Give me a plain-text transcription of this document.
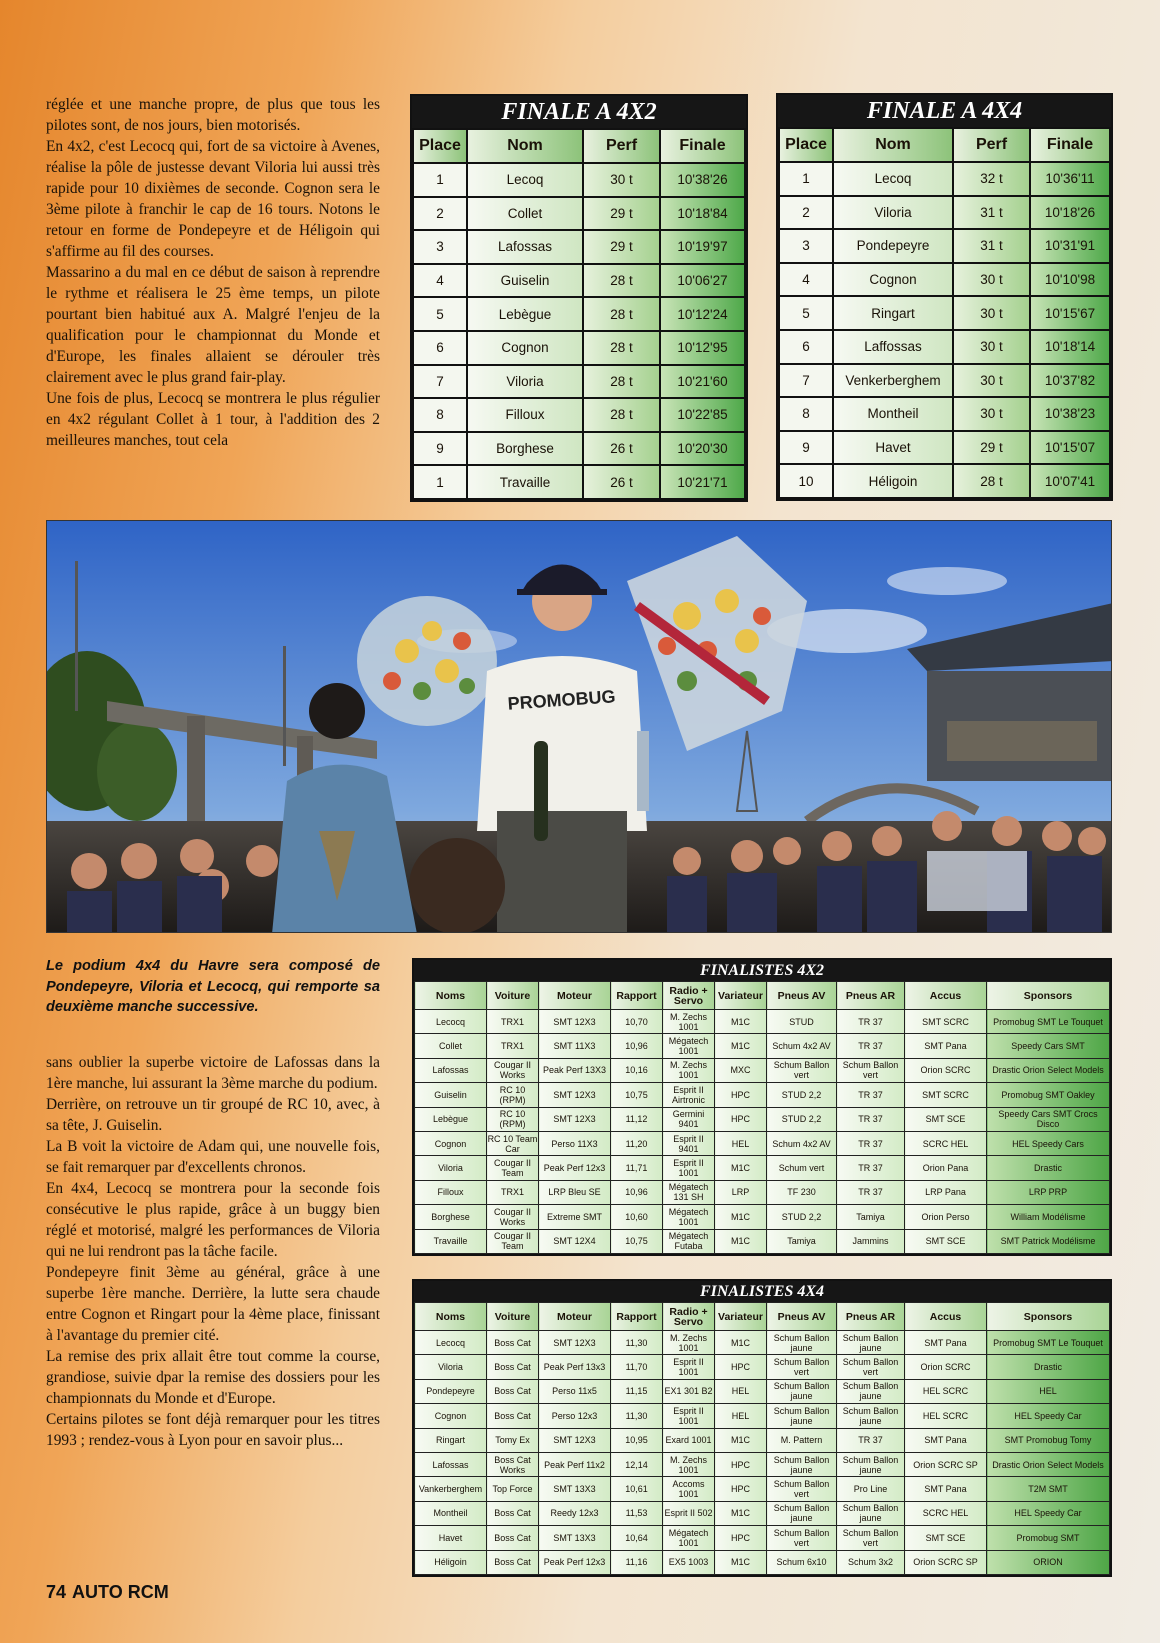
réglée et une manche propre, de plus que tous les pilotes sont, de nos jours, bien motorisés.

En 4x2, c'est Lecocq qui, fort de sa victoire à Avenes, réalise la pôle de justesse devant Viloria lui aussi très rapide pour 10 dixièmes de seconde. Cognon sera le 3ème pilote à franchir le cap de 16 tours. Notons le retour en forme de Pondepeyre et de Héligoin qui s'affirme au fil des courses.

Massarino a du mal en ce début de saison à reprendre le rythme et réalisera le 25 ème temps, un pilote pourtant bien habitué aux A. Malgré l'enjeu de la qualification pour le championnat du Monde et d'Europe, les finales allaient se dérouler très clairement avec le plus grand fair-play.

Une fois de plus, Lecocq se montrera le plus régulier en 4x2 régulant Collet à 1 tour, à l'addition des 2 meilleures manches, tout cela

FINALE A 4X2
Place	Nom	Perf	Finale
1	Lecoq	30 t	10'38'26
2	Collet	29 t	10'18'84
3	Lafossas	29 t	10'19'97
4	Guiselin	28 t	10'06'27
5	Lebègue	28 t	10'12'24
6	Cognon	28 t	10'12'95
7	Viloria	28 t	10'21'60
8	Filloux	28 t	10'22'85
9	Borghese	26 t	10'20'30
1	Travaille	26 t	10'21'71
FINALE A 4X4
Place	Nom	Perf	Finale
1	Lecoq	32 t	10'36'11
2	Viloria	31 t	10'18'26
3	Pondepeyre	31 t	10'31'91
4	Cognon	30 t	10'10'98
5	Ringart	30 t	10'15'67
6	Laffossas	30 t	10'18'14
7	Venkerberghem	30 t	10'37'82
8	Montheil	30 t	10'38'23
9	Havet	29 t	10'15'07
10	Héligoin	28 t	10'07'41
PROMOBUG
Le podium 4x4 du Havre sera composé de Pondepeyre, Viloria et Lecocq, qui remporte sa deuxième manche successive.

sans oublier la superbe victoire de Lafossas dans la 1ère manche, lui assurant la 3ème marche du podium.

Derrière, on retrouve un tir groupé de RC 10, avec, à sa tête, J. Guiselin.

La B voit la victoire de Adam qui, une nouvelle fois, se fait remarquer par d'excellents chronos.

En 4x4, Lecocq se montrera pour la seconde fois consécutive le plus rapide, grâce à un buggy bien réglé et motorisé, malgré les performances de Viloria qui ne lui rendront pas la tâche facile.

Pondepeyre finit 3ème au général, grâce à une superbe 1ère manche. Derrière, la lutte sera chaude entre Cognon et Ringart pour la 4ème place, finissant à l'avantage du premier cité.

La remise des prix allait être tout comme la course, grandiose, suivie dpar la remise des dossiers pour les championnats du Monde et d'Europe.

Certains pilotes se font déjà remarquer pour les titres 1993 ; rendez-vous à Lyon pour en savoir plus...

FINALISTES 4X2
Noms	Voiture	Moteur	Rapport	Radio + Servo	Variateur	Pneus AV	Pneus AR	Accus	Sponsors
Lecocq	TRX1	SMT 12X3	10,70	M. Zechs 1001	M1C	STUD	TR 37	SMT SCRC	Promobug SMT Le Touquet
Collet	TRX1	SMT 11X3	10,96	Mégatech 1001	M1C	Schum 4x2 AV	TR 37	SMT Pana	Speedy Cars SMT
Lafossas	Cougar II Works	Peak Perf 13X3	10,16	M. Zechs 1001	MXC	Schum Ballon vert	Schum Ballon vert	Orion SCRC	Drastic Orion Select Models
Guiselin	RC 10 (RPM)	SMT 12X3	10,75	Esprit II Airtronic	HPC	STUD 2,2	TR 37	SMT SCRC	Promobug SMT Oakley
Lebègue	RC 10 (RPM)	SMT 12X3	11,12	Germini 9401	HPC	STUD 2,2	TR 37	SMT SCE	Speedy Cars SMT Crocs Disco
Cognon	RC 10 Team Car	Perso 11X3	11,20	Esprit II 9401	HEL	Schum 4x2 AV	TR 37	SCRC HEL	HEL Speedy Cars
Viloria	Cougar II Team	Peak Perf 12x3	11,71	Esprit II 1001	M1C	Schum vert	TR 37	Orion Pana	Drastic
Filloux	TRX1	LRP Bleu SE	10,96	Mégatech 131 SH	LRP	TF 230	TR 37	LRP Pana	LRP PRP
Borghese	Cougar II Works	Extreme SMT	10,60	Mégatech 1001	M1C	STUD 2,2	Tamiya	Orion Perso	William Modélisme
Travaille	Cougar II Team	SMT 12X4	10,75	Mégatech Futaba	M1C	Tamiya	Jammins	SMT SCE	SMT Patrick Modélisme
FINALISTES 4X4
Noms	Voiture	Moteur	Rapport	Radio + Servo	Variateur	Pneus AV	Pneus AR	Accus	Sponsors
Lecocq	Boss Cat	SMT 12X3	11,30	M. Zechs 1001	M1C	Schum Ballon jaune	Schum Ballon jaune	SMT Pana	Promobug SMT Le Touquet
Viloria	Boss Cat	Peak Perf 13x3	11,70	Esprit II 1001	HPC	Schum Ballon vert	Schum Ballon vert	Orion SCRC	Drastic
Pondepeyre	Boss Cat	Perso 11x5	11,15	EX1 301 B2	HEL	Schum Ballon jaune	Schum Ballon jaune	HEL SCRC	HEL
Cognon	Boss Cat	Perso 12x3	11,30	Esprit II 1001	HEL	Schum Ballon jaune	Schum Ballon jaune	HEL SCRC	HEL Speedy Car
Ringart	Tomy Ex	SMT 12X3	10,95	Exard 1001	M1C	M. Pattern	TR 37	SMT Pana	SMT Promobug Tomy
Lafossas	Boss Cat Works	Peak Perf 11x2	12,14	M. Zechs 1001	HPC	Schum Ballon jaune	Schum Ballon jaune	Orion SCRC SP	Drastic Orion Select Models
Vankerberghem	Top Force	SMT 13X3	10,61	Accoms 1001	HPC	Schum Ballon vert	Pro Line	SMT Pana	T2M SMT
Montheil	Boss Cat	Reedy 12x3	11,53	Esprit II 502	M1C	Schum Ballon jaune	Schum Ballon jaune	SCRC HEL	HEL Speedy Car
Havet	Boss Cat	SMT 13X3	10,64	Mégatech 1001	HPC	Schum Ballon vert	Schum Ballon vert	SMT SCE	Promobug SMT
Héligoin	Boss Cat	Peak Perf 12x3	11,16	EX5 1003	M1C	Schum 6x10	Schum 3x2	Orion SCRC SP	ORION
74 AUTO RCM
